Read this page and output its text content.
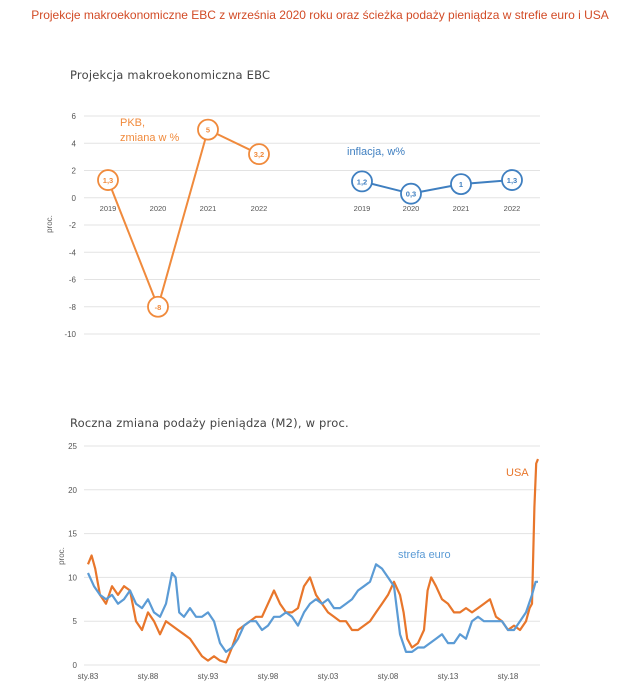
Projekcje makroekonomiczne EBC z września 2020 roku oraz ścieżka podaży pieniądza w strefie euro i USA
Projekcja makroekonomiczna EBC
Roczna zmiana podaży pieniądza (M2), w proc.
6
4
2
0
-2
-4
-6
-8
-10
proc.
2019	2020	2021	2022	2019	2020	2021	2022
1,3
-8
5
3,2
1,2
0,3
1	1,3
PKB, zmiana w %
inflacja, w%
25
20
15
10
5
0
proc.
sty.83	sty.88	sty.93	sty.98	sty.03	sty.08	sty.13	sty.18
USA
strefa euro
